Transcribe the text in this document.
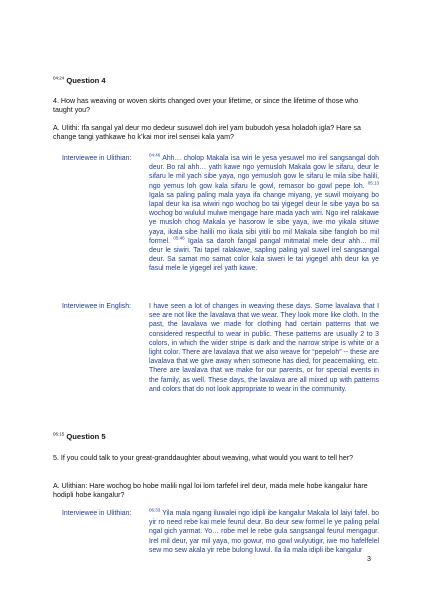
$^{04:24}$ Question 4
4. How has weaving or woven skirts changed over your lifetime, or since the lifetime of those who taught you?
A. Ulithi: Ifa sangal yal deur mo dedeur susuwel doh irel yam bubudoh yesa holadoh igla? Hare sa change tangi yathkawe ho k’kai mor irel sensei kala yam?
Interviewee in Ulithian:	$^{04:46}$ Ahh… cholop Makala isa wiri le yesa yesuwel mo irel sangsangal doh deur. Bo ral ahh… yath kawe ngo yemusloh Makala gow le sifaru, deur le sifaru le mil yach sibe yaya, ngo yemusloh gow le sifaru le mila sibe halili, ngo yemus loh gow kala sifaru le gowl, remasor bo gowl pepe loh. $^{05:13}$ Igala sa paling paling mala yaya ifa change miyang, ye suwil moiyang bo lapal deur ka isa wiwiri ngo wochog bo tai yigegel deur le sibe yaya bo sa wochog bo wululul mulwe mengage hare mada yach wiri. Ngo irel ralakawe ye musloh chog Makala ye hasorow le sibe yaya, iwe mo yikala situwe yaya, ikala sibe halili mo ikala sibi yitili bo mil Makala sibe fangloh bo mil formel. $^{05:46}$ Igala sa daroh fangal pangal mitmatal mele deur ahh… mil deur le siwiri. Tai tapel ralakawe, sapling paling yal suwel irel sangsangal deur. Sa samat mo samat color kala siweri le tai yigegel ahh deur ka ye fasul mele le yigegel irel yath kawe.
Interviewee in English:	I have seen a lot of changes in weaving these days. Some lavalava that I see are not like the lavalava that we wear. They look more like cloth. In the past, the lavalava we made for clothing had certain patterns that we considered respectful to wear in public. These patterns are usually 2 to 3 colors, in which the wider stripe is dark and the narrow stripe is white or a light color. There are lavalava that we also weave for “pepeloh” -- these are lavalava that we give away when someone has died, for peacemaking, etc. There are lavalava that we make for our parents, or for special events in the family, as well. These days, the lavalava are all mixed up with patterns and colors that do not look appropriate to wear in the community.
$^{06:15}$ Question 5
5. If you could talk to your great-granddaughter about weaving, what would you want to tell her?
A. Ulithian: Hare wochog bo hobe malili ngal loi lom tarfefel irel deur, mada mele hobe kangalur hare hodipli hobe kangalur?
Interviewee in Ulithian:	$^{06:33}$ Yila mala ngang iluwalei ngo idipli ibe kangalur Makala lol laiyi fafel. bo yir ro need rebe kai mele feurul deur. Bo deur sew formel le ye paling pelal ngal gich yarmat. Yo… robe mel le rebe gula sangsangal feurul mengagur. Irel mil deur, yar mil yaya, mo gowur, mo gowl wulyutigir, iwe mo hafelfelel sew mo sew akala yir rebe bulong luwul. Ila ila mala idipli ibe kangalur
3
